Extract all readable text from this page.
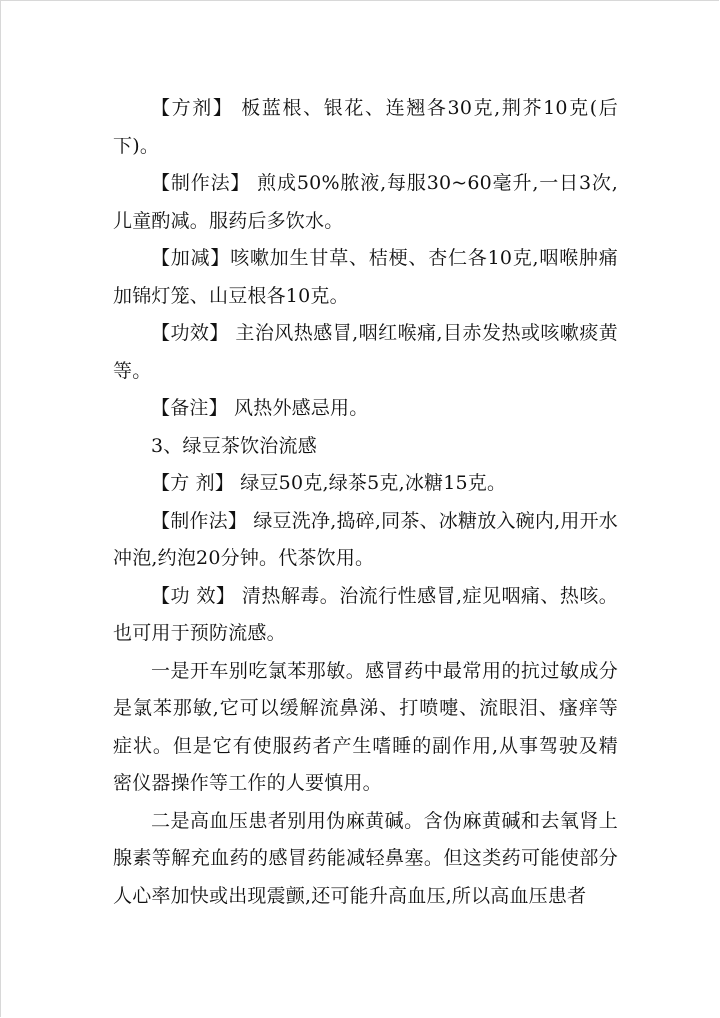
【方剂】 板蓝根、银花、连翘各30克,荆芥10克(后下)。

【制作法】 煎成50%脓液,每服30~60毫升,一日3次,儿童酌减。服药后多饮水。

【加减】咳嗽加生甘草、桔梗、杏仁各10克,咽喉肿痛加锦灯笼、山豆根各10克。

【功效】 主治风热感冒,咽红喉痛,目赤发热或咳嗽痰黄等。

【备注】 风热外感忌用。

3、绿豆茶饮治流感

【方 剂】 绿豆50克,绿茶5克,冰糖15克。

【制作法】 绿豆洗净,捣碎,同茶、冰糖放入碗内,用开水冲泡,约泡20分钟。代茶饮用。

【功 效】 清热解毒。治流行性感冒,症见咽痛、热咳。也可用于预防流感。

一是开车别吃氯苯那敏。感冒药中最常用的抗过敏成分是氯苯那敏,它可以缓解流鼻涕、打喷嚏、流眼泪、瘙痒等症状。但是它有使服药者产生嗜睡的副作用,从事驾驶及精密仪器操作等工作的人要慎用。

二是高血压患者别用伪麻黄碱。含伪麻黄碱和去氧肾上腺素等解充血药的感冒药能减轻鼻塞。但这类药可能使部分人心率加快或出现震颤,还可能升高血压,所以高血压患者
